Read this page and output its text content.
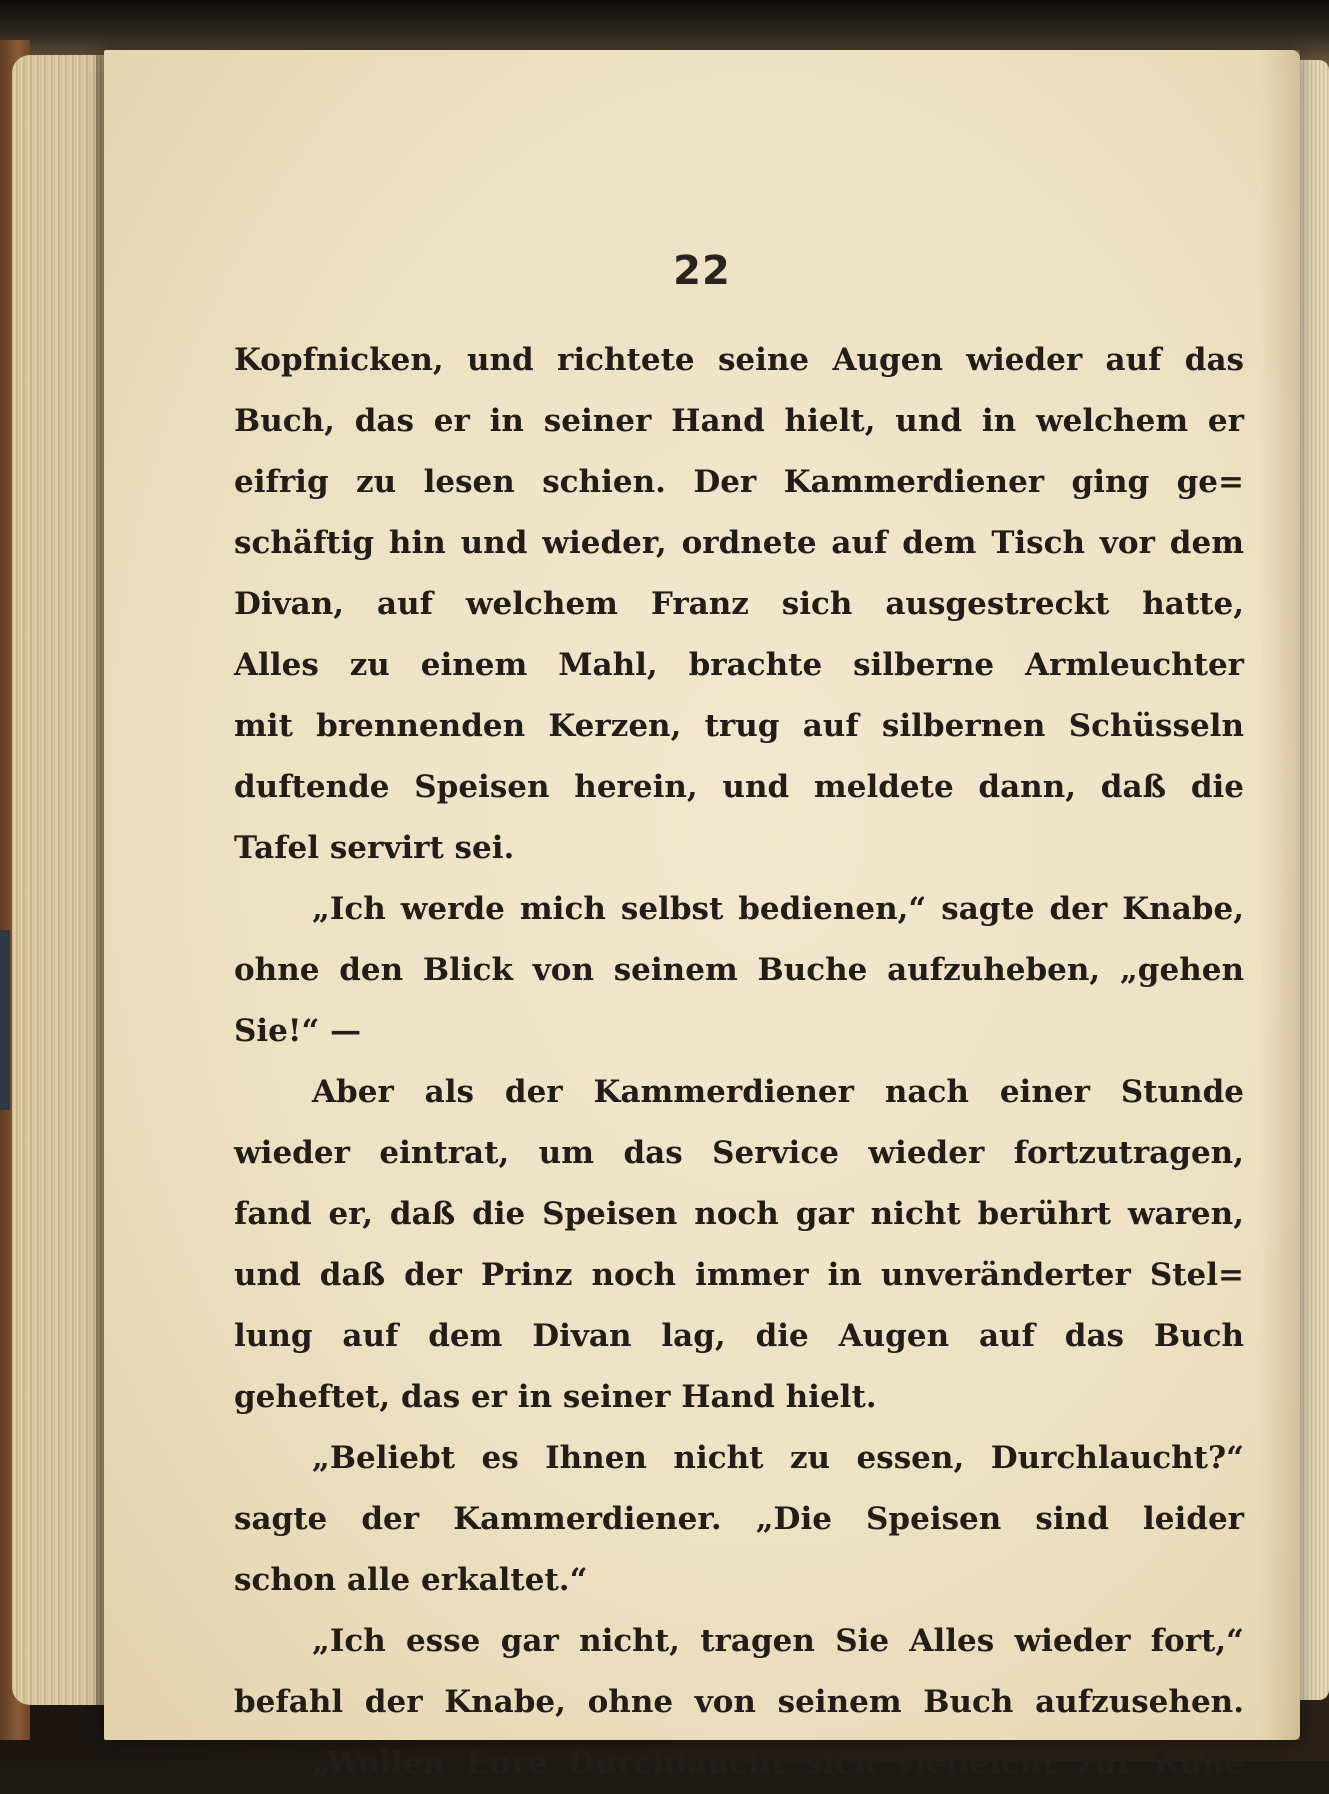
22
Kopfnicken, und richtete seine Augen wieder auf das
Buch, das er in seiner Hand hielt, und in welchem er
eifrig zu lesen schien. Der Kammerdiener ging ge=
schäftig hin und wieder, ordnete auf dem Tisch vor dem
Divan, auf welchem Franz sich ausgestreckt hatte,
Alles zu einem Mahl, brachte silberne Armleuchter
mit brennenden Kerzen, trug auf silbernen Schüsseln
duftende Speisen herein, und meldete dann, daß die
Tafel servirt sei.
„Ich werde mich selbst bedienen,“ sagte der Knabe,
ohne den Blick von seinem Buche aufzuheben, „gehen
Sie!“ —
Aber als der Kammerdiener nach einer Stunde
wieder eintrat, um das Service wieder fortzutragen,
fand er, daß die Speisen noch gar nicht berührt waren,
und daß der Prinz noch immer in unveränderter Stel=
lung auf dem Divan lag, die Augen auf das Buch
geheftet, das er in seiner Hand hielt.
„Beliebt es Ihnen nicht zu essen, Durchlaucht?“
sagte der Kammerdiener. „Die Speisen sind leider
schon alle erkaltet.“
„Ich esse gar nicht, tragen Sie Alles wieder fort,“
befahl der Knabe, ohne von seinem Buch aufzusehen.
„Wollen Eure Durchlaucht sich vielleicht zur Ruhe
